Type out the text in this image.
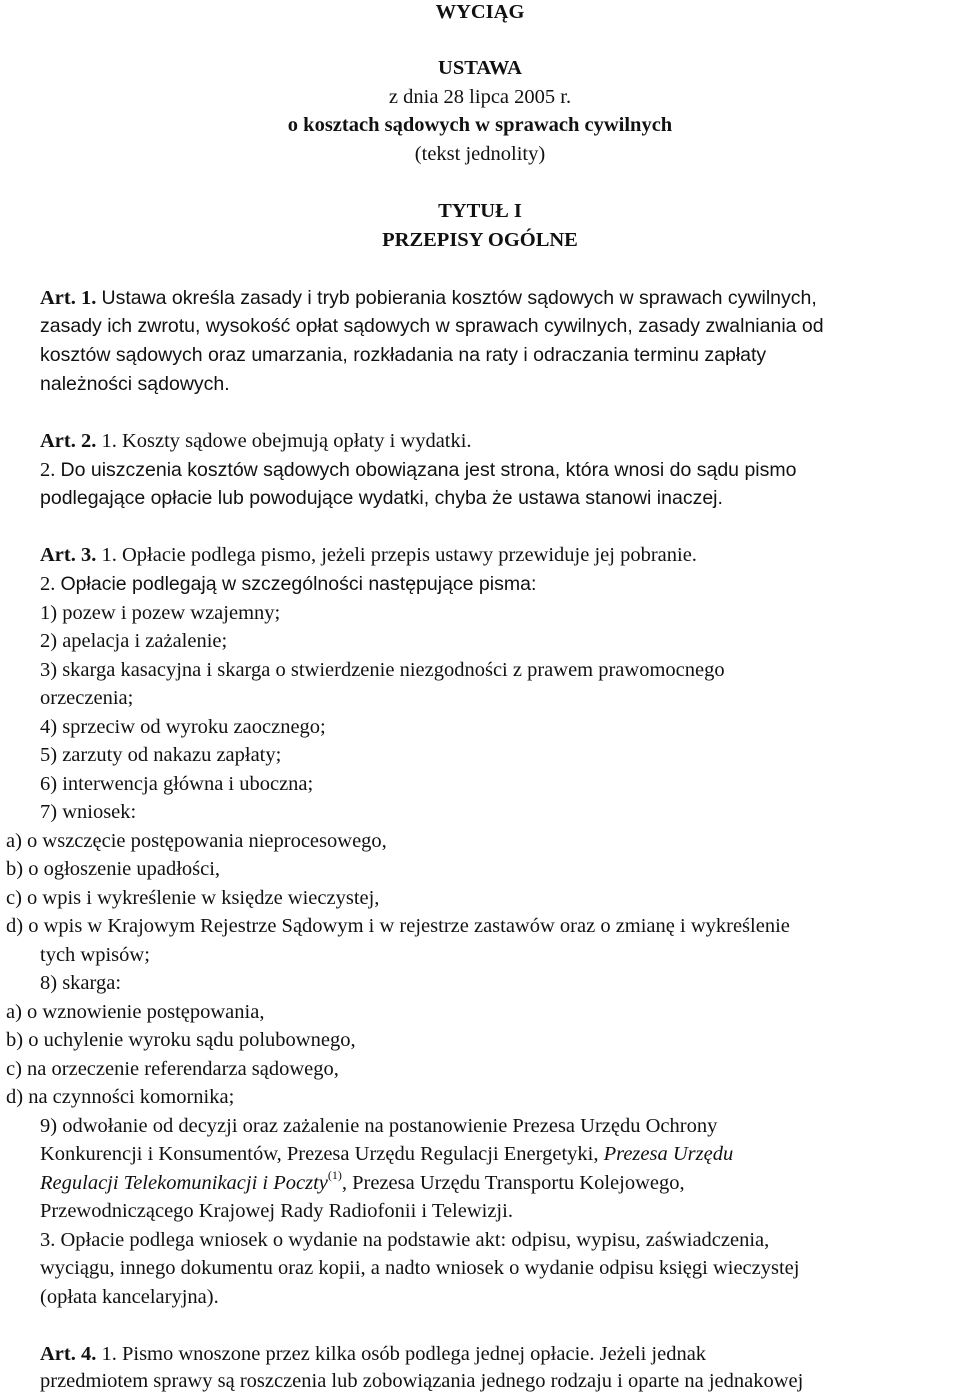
WYCIĄG
USTAWA
z dnia 28 lipca 2005 r.
o kosztach sądowych w sprawach cywilnych
(tekst jednolity)
TYTUŁ I
PRZEPISY OGÓLNE
Art. 1. Ustawa określa zasady i tryb pobierania kosztów sądowych w sprawach cywilnych,
zasady ich zwrotu, wysokość opłat sądowych w sprawach cywilnych, zasady zwalniania od
kosztów sądowych oraz umarzania, rozkładania na raty i odraczania terminu zapłaty
należności sądowych.
Art. 2. 1. Koszty sądowe obejmują opłaty i wydatki.
2. Do uiszczenia kosztów sądowych obowiązana jest strona, która wnosi do sądu pismo
podlegające opłacie lub powodujące wydatki, chyba że ustawa stanowi inaczej.
Art. 3. 1. Opłacie podlega pismo, jeżeli przepis ustawy przewiduje jej pobranie.
2. Opłacie podlegają w szczególności następujące pisma:
1) pozew i pozew wzajemny;
2) apelacja i zażalenie;
3) skarga kasacyjna i skarga o stwierdzenie niezgodności z prawem prawomocnego
orzeczenia;
4) sprzeciw od wyroku zaocznego;
5) zarzuty od nakazu zapłaty;
6) interwencja główna i uboczna;
7) wniosek:
a) o wszczęcie postępowania nieprocesowego,
b) o ogłoszenie upadłości,
c) o wpis i wykreślenie w księdze wieczystej,
d) o wpis w Krajowym Rejestrze Sądowym i w rejestrze zastawów oraz o zmianę i wykreślenie
tych wpisów;
8) skarga:
a) o wznowienie postępowania,
b) o uchylenie wyroku sądu polubownego,
c) na orzeczenie referendarza sądowego,
d) na czynności komornika;
9) odwołanie od decyzji oraz zażalenie na postanowienie Prezesa Urzędu Ochrony
Konkurencji i Konsumentów, Prezesa Urzędu Regulacji Energetyki, Prezesa Urzędu
Regulacji Telekomunikacji i Poczty$^{(1)}$, Prezesa Urzędu Transportu Kolejowego,
Przewodniczącego Krajowej Rady Radiofonii i Telewizji.
3. Opłacie podlega wniosek o wydanie na podstawie akt: odpisu, wypisu, zaświadczenia,
wyciągu, innego dokumentu oraz kopii, a nadto wniosek o wydanie odpisu księgi wieczystej
(opłata kancelaryjna).
Art. 4. 1. Pismo wnoszone przez kilka osób podlega jednej opłacie. Jeżeli jednak
przedmiotem sprawy są roszczenia lub zobowiązania jednego rodzaju i oparte na jednakowej
